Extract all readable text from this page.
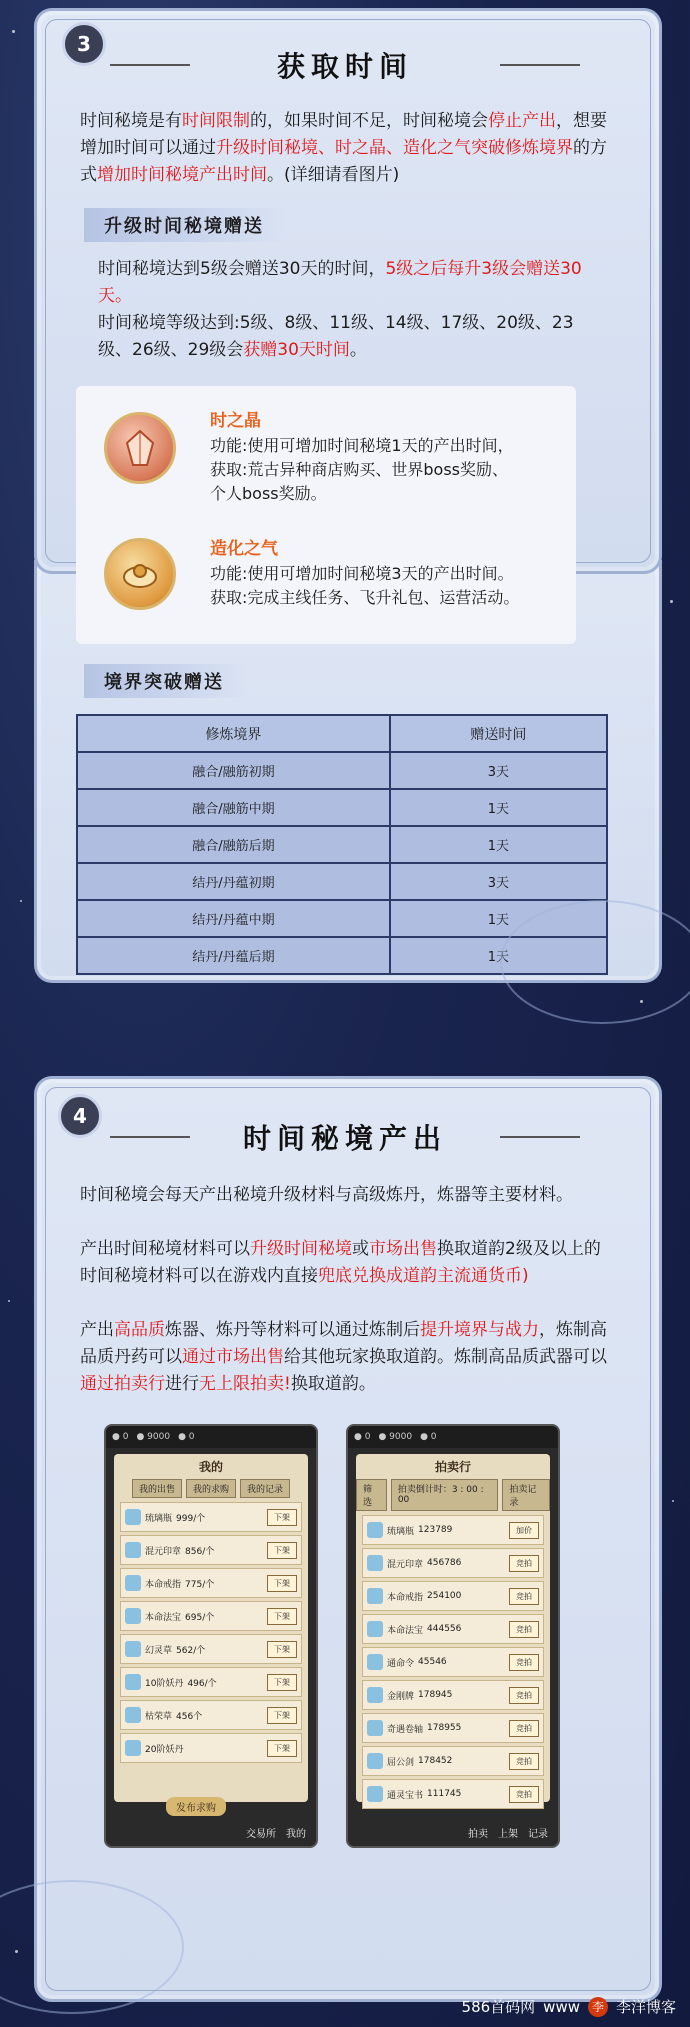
3
获取时间
时间秘境是有时间限制的，如果时间不足，时间秘境会停止产出，想要增加时间可以通过升级时间秘境、时之晶、造化之气突破修炼境界的方式增加时间秘境产出时间。(详细请看图片)
升级时间秘境赠送
时间秘境达到5级会赠送30天的时间，5级之后每升3级会赠送30天。
时间秘境等级达到:5级、8级、11级、14级、17级、20级、23级、26级、29级会获赠30天时间。
时之晶
功能:使用可增加时间秘境1天的产出时间，
获取:荒古异种商店购买、世界boss奖励、
个人boss奖励。
造化之气
功能:使用可增加时间秘境3天的产出时间。
获取:完成主线任务、飞升礼包、运营活动。
境界突破赠送
修炼境界	赠送时间
融合/融筋初期	3天
融合/融筋中期	1天
融合/融筋后期	1天
结丹/丹蕴初期	3天
结丹/丹蕴中期	1天
结丹/丹蕴后期	1天
4
时间秘境产出
时间秘境会每天产出秘境升级材料与高级炼丹，炼器等主要材料。
产出时间秘境材料可以升级时间秘境或市场出售换取道韵2级及以上的时间秘境材料可以在游戏内直接兜底兑换成道韵主流通货币)
产出高品质炼器、炼丹等材料可以通过炼制后提升境界与战力，炼制高品质丹药可以通过市场出售给其他玩家换取道韵。炼制高品质武器可以通过拍卖行进行无上限拍卖!换取道韵。
● 0 ● 9000 ● 0
我的
我的出售	我的求购	我的记录
琉璃瓶 999/个	下架
混元印章 856/个	下架
本命戒指 775/个	下架
本命法宝 695/个	下架
幻灵草 562/个	下架
10阶妖丹 496/个	下架
枯荣草 456个	下架
20阶妖丹	下架
发布求购
交易所 我的
● 0 ● 9000 ● 0
拍卖行
筛选
拍卖倒计时：3 : 00 : 00
拍卖记录
琉璃瓶 123789	加价
混元印章 456786	竞拍
本命戒指 254100	竞拍
本命法宝 444556	竞拍
通命令 45546	竞拍
金刚牌 178945	竞拍
奇遇卷轴 178955	竞拍
屈公剑 178452	竞拍
通灵宝书 111745	竞拍
拍卖 上架 记录
586首码网 www 李 李洋博客
